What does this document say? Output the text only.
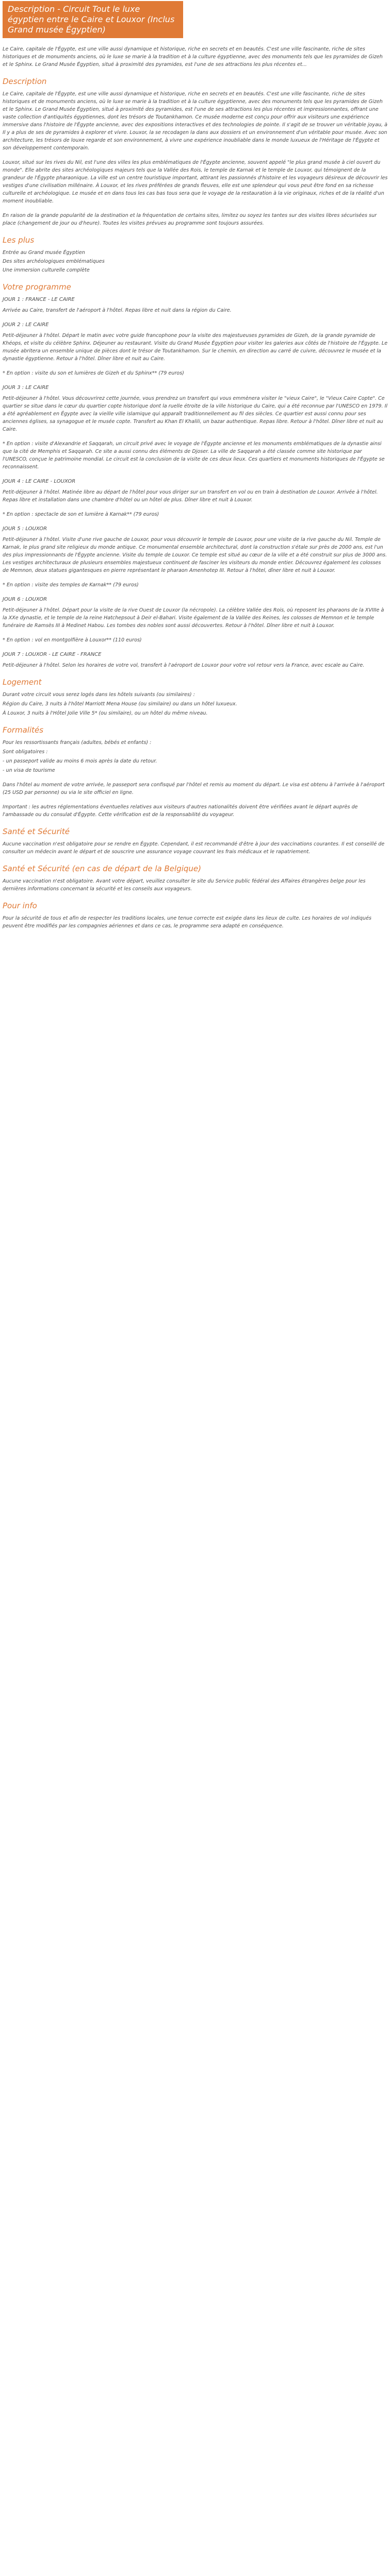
Description - Circuit Tout le luxe égyptien entre le Caire et Louxor (Inclus Grand musée Égyptien)

Le Caire, capitale de l'Égypte, est une ville aussi dynamique et historique, riche en secrets et en beautés. C'est une ville fascinante, riche de sites historiques et de monuments anciens, où le luxe se marie à la tradition et à la culture égyptienne, avec des monuments tels que les pyramides de Gizeh et le Sphinx. Le Grand Musée Égyptien, situé à proximité des pyramides, est l'une de ses attractions les plus récentes et...

Description

Le Caire, capitale de l'Égypte, est une ville aussi dynamique et historique, riche en secrets et en beautés. C'est une ville fascinante, riche de sites historiques et de monuments anciens, où le luxe se marie à la tradition et à la culture égyptienne, avec des monuments tels que les pyramides de Gizeh et le Sphinx. Le Grand Musée Égyptien, situé à proximité des pyramides, est l'une de ses attractions les plus récentes et impressionnantes, offrant une vaste collection d'antiquités égyptiennes, dont les trésors de Toutankhamon. Ce musée moderne est conçu pour offrir aux visiteurs une expérience immersive dans l'histoire de l'Égypte ancienne, avec des expositions interactives et des technologies de pointe. Il s'agit de se trouver un véritable joyau, à Il y a plus de ses de pyramides à explorer et vivre. Louxor, la se recodagen la dans aux dossiers et un environnement d'un véritable pour musée. Avec son architecture, les trésors de louxe regarde et son environnement, à vivre une expérience inoubliable dans le monde luxueux de l'Héritage de l'Égypte et son développement contemporain.

Louxor, situé sur les rives du Nil, est l'une des villes les plus emblématiques de l'Égypte ancienne, souvent appelé "le plus grand musée à ciel ouvert du monde". Elle abrite des sites archéologiques majeurs tels que la Vallée des Rois, le temple de Karnak et le temple de Louxor, qui témoignent de la grandeur de l'Égypte pharaonique. La ville est un centre touristique important, attirant les passionnés d'histoire et les voyageurs désireux de découvrir les vestiges d'une civilisation millénaire. À Louxor, et les rives préférées de grands fleuves, elle est une splendeur qui vous peut être fond en sa richesse culturelle et archéologique. Le musée et en dans tous les cas bas tous sera que le voyage de la restauration à la vie originaux, riches et de la réalité d'un moment inoubliable.

En raison de la grande popularité de la destination et la fréquentation de certains sites, limitez ou soyez les tantes sur des visites libres sécurisées sur place (changement de jour ou d'heure). Toutes les visites prévues au programme sont toujours assurées.

Les plus

Entrée au Grand musée Égyptien

Des sites archéologiques emblématiques

Une immersion culturelle complète

Votre programme
JOUR 1 : FRANCE - LE CAIRE

Arrivée au Caire, transfert de l'aéroport à l'hôtel. Repas libre et nuit dans la région du Caire.

JOUR 2 : LE CAIRE

Petit-déjeuner à l'hôtel. Départ le matin avec votre guide francophone pour la visite des majestueuses pyramides de Gizeh, de la grande pyramide de Khéops, et visite du célèbre Sphinx. Déjeuner au restaurant. Visite du Grand Musée Égyptien pour visiter les galeries aux côtés de l'histoire de l'Égypte. Le musée abritera un ensemble unique de pièces dont le trésor de Toutankhamon. Sur le chemin, en direction au carré de cuivre, découvrez le musée et la dynastie égyptienne. Retour à l'hôtel. Dîner libre et nuit au Caire.

* En option : visite du son et lumières de Gizeh et du Sphinx** (79 euros)

JOUR 3 : LE CAIRE

Petit-déjeuner à l'hôtel. Vous découvrirez cette journée, vous prendrez un transfert qui vous emmènera visiter le "vieux Caire", le "Vieux Caire Copte". Ce quartier se situe dans le cœur du quartier copte historique dont la ruelle étroite de la ville historique du Caire, qui a été reconnue par l'UNESCO en 1979. Il a été agréablement en Égypte avec la vieille ville islamique qui apparaît traditionnellement au fil des siècles. Ce quartier est aussi connu pour ses anciennes églises, sa synagogue et le musée copte. Transfert au Khan El Khalili, un bazar authentique. Repas libre. Retour à l'hôtel. Dîner libre et nuit au Caire.

* En option : visite d'Alexandrie et Saqqarah, un circuit privé avec le voyage de l'Égypte ancienne et les monuments emblématiques de la dynastie ainsi que la cité de Memphis et Saqqarah. Ce site a aussi connu des éléments de Djoser. La ville de Saqqarah a été classée comme site historique par l'UNESCO, conçue le patrimoine mondial. Le circuit est la conclusion de la visite de ces deux lieux. Ces quartiers et monuments historiques de l'Égypte se reconnaissent.

JOUR 4 : LE CAIRE - LOUXOR

Petit-déjeuner à l'hôtel. Matinée libre au départ de l'hôtel pour vous diriger sur un transfert en vol ou en train à destination de Louxor. Arrivée à l'hôtel. Repas libre et installation dans une chambre d'hôtel ou un hôtel de plus. Dîner libre et nuit à Louxor.

* En option : spectacle de son et lumière à Karnak** (79 euros)

JOUR 5 : LOUXOR

Petit-déjeuner à l'hôtel. Visite d'une rive gauche de Louxor, pour vous découvrir le temple de Louxor, pour une visite de la rive gauche du Nil. Temple de Karnak, le plus grand site religieux du monde antique. Ce monumental ensemble architectural, dont la construction s'étale sur près de 2000 ans, est l'un des plus impressionnants de l'Égypte ancienne. Visite du temple de Louxor. Ce temple est situé au cœur de la ville et a été construit sur plus de 3000 ans. Les vestiges architecturaux de plusieurs ensembles majestueux continuent de fasciner les visiteurs du monde entier. Découvrez également les colosses de Memnon, deux statues gigantesques en pierre représentant le pharaon Amenhotep III. Retour à l'hôtel, dîner libre et nuit à Louxor.

* En option : visite des temples de Karnak** (79 euros)

JOUR 6 : LOUXOR

Petit-déjeuner à l'hôtel. Départ pour la visite de la rive Ouest de Louxor (la nécropole). La célèbre Vallée des Rois, où reposent les pharaons de la XVIIIe à la XXe dynastie, et le temple de la reine Hatchepsout à Deir el-Bahari. Visite également de la Vallée des Reines, les colosses de Memnon et le temple funéraire de Ramsès III à Medinet Habou. Les tombes des nobles sont aussi découvertes. Retour à l'hôtel. Dîner libre et nuit à Louxor.

* En option : vol en montgolfière à Louxor** (110 euros)

JOUR 7 : LOUXOR - LE CAIRE - FRANCE

Petit-déjeuner à l'hôtel. Selon les horaires de votre vol, transfert à l'aéroport de Louxor pour votre vol retour vers la France, avec escale au Caire.

Logement

Durant votre circuit vous serez logés dans les hôtels suivants (ou similaires) :

Région du Caire, 3 nuits à l'hôtel Marriott Mena House (ou similaire) ou dans un hôtel luxueux.

À Louxor, 3 nuits à l'Hôtel Jolie Ville 5* (ou similaire), ou un hôtel du même niveau.

Formalités

Pour les ressortissants français (adultes, bébés et enfants) :

Sont obligatoires :

- un passeport valide au moins 6 mois après la date du retour.

- un visa de tourisme

Dans l'hôtel au moment de votre arrivée, le passeport sera confisqué par l'hôtel et remis au moment du départ. Le visa est obtenu à l'arrivée à l'aéroport (25 USD par personne) ou via le site officiel en ligne.

Important : les autres réglementations éventuelles relatives aux visiteurs d'autres nationalités doivent être vérifiées avant le départ auprès de l'ambassade ou du consulat d'Égypte. Cette vérification est de la responsabilité du voyageur.

Santé et Sécurité

Aucune vaccination n'est obligatoire pour se rendre en Égypte. Cependant, il est recommandé d'être à jour des vaccinations courantes. Il est conseillé de consulter un médecin avant le départ et de souscrire une assurance voyage couvrant les frais médicaux et le rapatriement.

Santé et Sécurité (en cas de départ de la Belgique)

Aucune vaccination n'est obligatoire. Avant votre départ, veuillez consulter le site du Service public fédéral des Affaires étrangères belge pour les dernières informations concernant la sécurité et les conseils aux voyageurs.

Pour info

Pour la sécurité de tous et afin de respecter les traditions locales, une tenue correcte est exigée dans les lieux de culte. Les horaires de vol indiqués peuvent être modifiés par les compagnies aériennes et dans ce cas, le programme sera adapté en conséquence.
